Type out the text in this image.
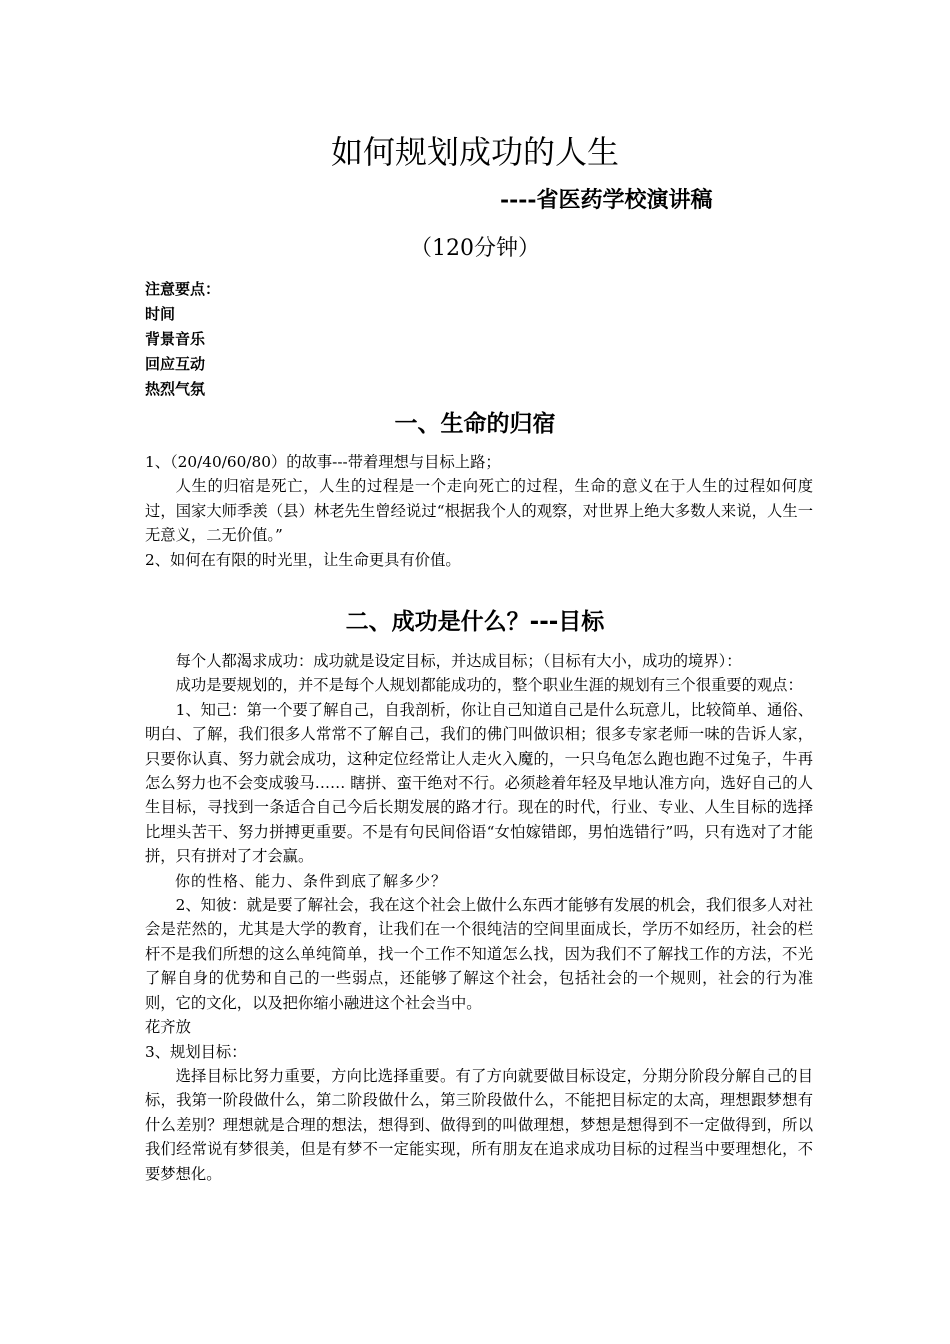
如何规划成功的人生
----省医药学校演讲稿
（120分钟）
注意要点：
时间
背景音乐
回应互动
热烈气氛
一、生命的归宿

1、（20/40/60/80）的故事---带着理想与目标上路；

人生的归宿是死亡，人生的过程是一个走向死亡的过程，生命的意义在于人生的过程如何度过，国家大师季羡（县）林老先生曾经说过“根据我个人的观察，对世界上绝大多数人来说，人生一无意义，二无价值。”

2、如何在有限的时光里，让生命更具有价值。

二、成功是什么？---目标

每个人都渴求成功：成功就是设定目标，并达成目标；（目标有大小，成功的境界）：

成功是要规划的，并不是每个人规划都能成功的，整个职业生涯的规划有三个很重要的观点：

1、知己：第一个要了解自己，自我剖析，你让自己知道自己是什么玩意儿，比较简单、通俗、明白、了解，我们很多人常常不了解自己，我们的佛门叫做识相；很多专家老师一味的告诉人家，只要你认真、努力就会成功，这种定位经常让人走火入魔的，一只乌龟怎么跑也跑不过兔子，牛再怎么努力也不会变成骏马…… 瞎拼、蛮干绝对不行。必须趁着年轻及早地认准方向，选好自己的人生目标，寻找到一条适合自己今后长期发展的路才行。现在的时代，行业、专业、人生目标的选择比埋头苦干、努力拼搏更重要。不是有句民间俗语“女怕嫁错郎，男怕选错行”吗，只有选对了才能拼，只有拼对了才会赢。

你的性格、能力、条件到底了解多少？

2、知彼：就是要了解社会，我在这个社会上做什么东西才能够有发展的机会，我们很多人对社会是茫然的，尤其是大学的教育，让我们在一个很纯洁的空间里面成长，学历不如经历，社会的栏杆不是我们所想的这么单纯简单，找一个工作不知道怎么找，因为我们不了解找工作的方法，不光了解自身的优势和自己的一些弱点，还能够了解这个社会，包括社会的一个规则，社会的行为准则，它的文化，以及把你缩小融进这个社会当中。

花齐放

3、规划目标：

选择目标比努力重要，方向比选择重要。有了方向就要做目标设定，分期分阶段分解自己的目标，我第一阶段做什么，第二阶段做什么，第三阶段做什么，不能把目标定的太高，理想跟梦想有什么差别？理想就是合理的想法，想得到、做得到的叫做理想，梦想是想得到不一定做得到，所以我们经常说有梦很美，但是有梦不一定能实现，所有朋友在追求成功目标的过程当中要理想化，不要梦想化。
